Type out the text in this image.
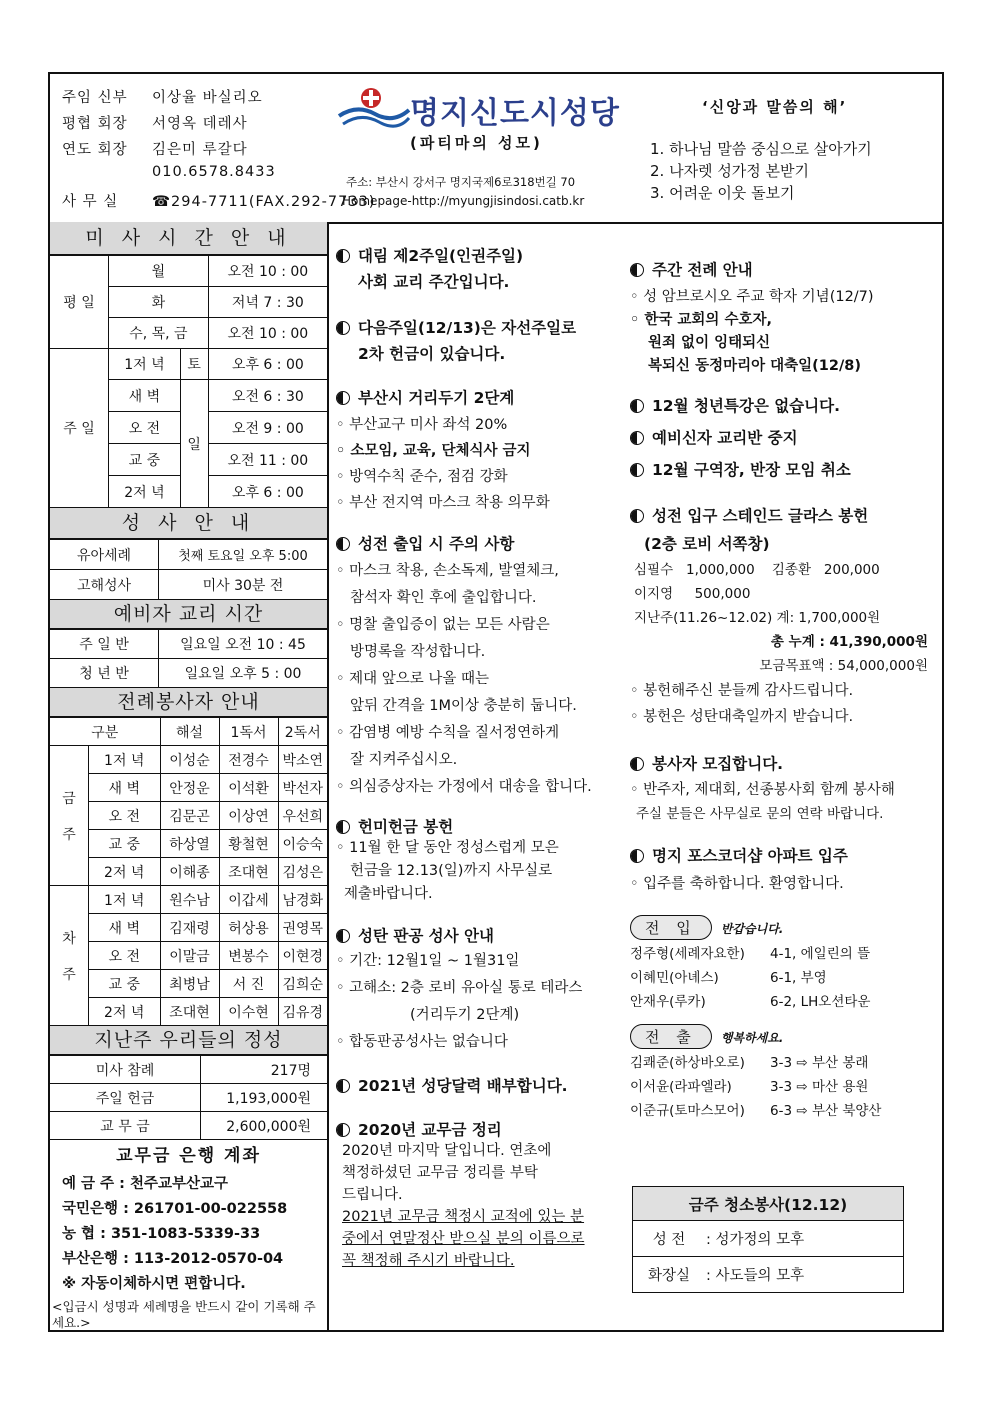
주임 신부 이상율 바실리오
평협 회장 서영옥 데레사
연도 회장 김은미 루갈다
010.6578.8433
사 무 실 ☎294-7711(FAX.292-7733)
명지신도시성당
(파티마의 성모)
주소: 부산시 강서구 명지국제6로318번길 70
Homepage-http://myungjisindosi.catb.kr
‘신앙과 말씀의 해’
1. 하나님 말씀 중심으로 살아가기
2. 나자렛 성가정 본받기
3. 어려운 이웃 돌보기
미 사 시 간 안 내
평 일	월		오전 10 : 00
	화		저녁 7 : 30
	수, 목, 금		오전 10 : 00
주 일	1저 녁	토	오후 6 : 00
	새 벽	일	오전 6 : 30
	오 전		오전 9 : 00
	교 중		오전 11 : 00
	2저 녁		오후 6 : 00
성 사 안 내
유아세례	첫째 토요일 오후 5:00
고해성사	미사 30분 전
예비자 교리 시간
주 일 반	일요일 오전 10 : 45
청 년 반	일요일 오후 5 : 00
전례봉사자 안내
구분		해설	1독서	2독서
금

주	1저 녁	이성순	전경수	박소연
	새 벽	안정운	이석환	박선자
	오 전	김문곤	이상연	우선희
	교 중	하상열	황철현	이승숙
	2저 녁	이해종	조대현	김성은
차

주	1저 녁	원수남	이갑세	남경화
	새 벽	김재령	허상용	권영목
	오 전	이말금	변봉수	이현경
	교 중	최병남	서 진	김희순
	2저 녁	조대현	이수현	김유경
지난주 우리들의 정성
미사 참례	217명
주일 헌금	1,193,000원
교 무 금	2,600,000원
교무금 은행 계좌
예 금 주 : 천주교부산교구
국민은행 : 261701-00-022558
농 협 : 351-1083-5339-33
부산은행 : 113-2012-0570-04
※ 자동이체하시면 편합니다.
<입금시 성명과 세례명을 반드시 같이 기록해 주세요.>
대림 제2주일(인권주일)
사회 교리 주간입니다.
다음주일(12/13)은 자선주일로
2차 헌금이 있습니다.
부산시 거리두기 2단계
◦ 부산교구 미사 좌석 20%
◦ 소모임, 교육, 단체식사 금지
◦ 방역수칙 준수, 점검 강화
◦ 부산 전지역 마스크 착용 의무화
성전 출입 시 주의 사항
◦ 마스크 착용, 손소독제, 발열체크,
참석자 확인 후에 출입합니다.
◦ 명찰 출입증이 없는 모든 사람은
방명록을 작성합니다.
◦ 제대 앞으로 나올 때는
앞뒤 간격을 1M이상 충분히 둡니다.
◦ 감염병 예방 수칙을 질서정연하게
잘 지켜주십시오.
◦ 의심증상자는 가정에서 대송을 합니다.
헌미헌금 봉헌
◦ 11월 한 달 동안 정성스럽게 모은
헌금을 12.13(일)까지 사무실로
제출바랍니다.
성탄 판공 성사 안내
◦ 기간: 12월1일 ~ 1월31일
◦ 고해소: 2층 로비 유아실 통로 테라스
(거리두기 2단계)
◦ 합동판공성사는 없습니다
2021년 성당달력 배부합니다.
2020년 교무금 정리
2020년 마지막 달입니다. 연초에
책정하셨던 교무금 정리를 부탁
드립니다.
2021년 교무금 책정시 교적에 있는 분
중에서 연말정산 받으실 분의 이름으로
꼭 책정해 주시기 바랍니다.
주간 전례 안내
◦ 성 암브로시오 주교 학자 기념(12/7)
◦ 한국 교회의 수호자,
원죄 없이 잉태되신
복되신 동정마리아 대축일(12/8)
12월 청년특강은 없습니다.
예비신자 교리반 중지
12월 구역장, 반장 모임 취소
성전 입구 스테인드 글라스 봉헌
(2층 로비 서쪽창)
심필수 1,000,000 김종환 200,000
이지영 500,000
지난주(11.26~12.02) 계: 1,700,000원
총 누계 : 41,390,000원
모금목표액 : 54,000,000원
◦ 봉헌해주신 분들께 감사드립니다.
◦ 봉헌은 성탄대축일까지 받습니다.
봉사자 모집합니다.
◦ 반주자, 제대회, 선종봉사회 함께 봉사해
주실 분들은 사무실로 문의 연락 바랍니다.
명지 포스코더샵 아파트 입주
◦ 입주를 축하합니다. 환영합니다.
전 입 반갑습니다.
정주형(세례자요한) 4-1, 에일린의 뜰
이혜민(아녜스)	6-1, 부영
안재우(루카)	6-2, LH오션타운
전 출 행복하세요.
김쾌준(하상바오로) 3-3 ⇨ 부산 봉래
이서윤(라파엘라)	3-3 ⇨ 마산 용원
이준규(토마스모어) 6-3 ⇨ 부산 북양산
금주 청소봉사(12.12)	
성 전	: 성가정의 모후
화장실	: 사도들의 모후
